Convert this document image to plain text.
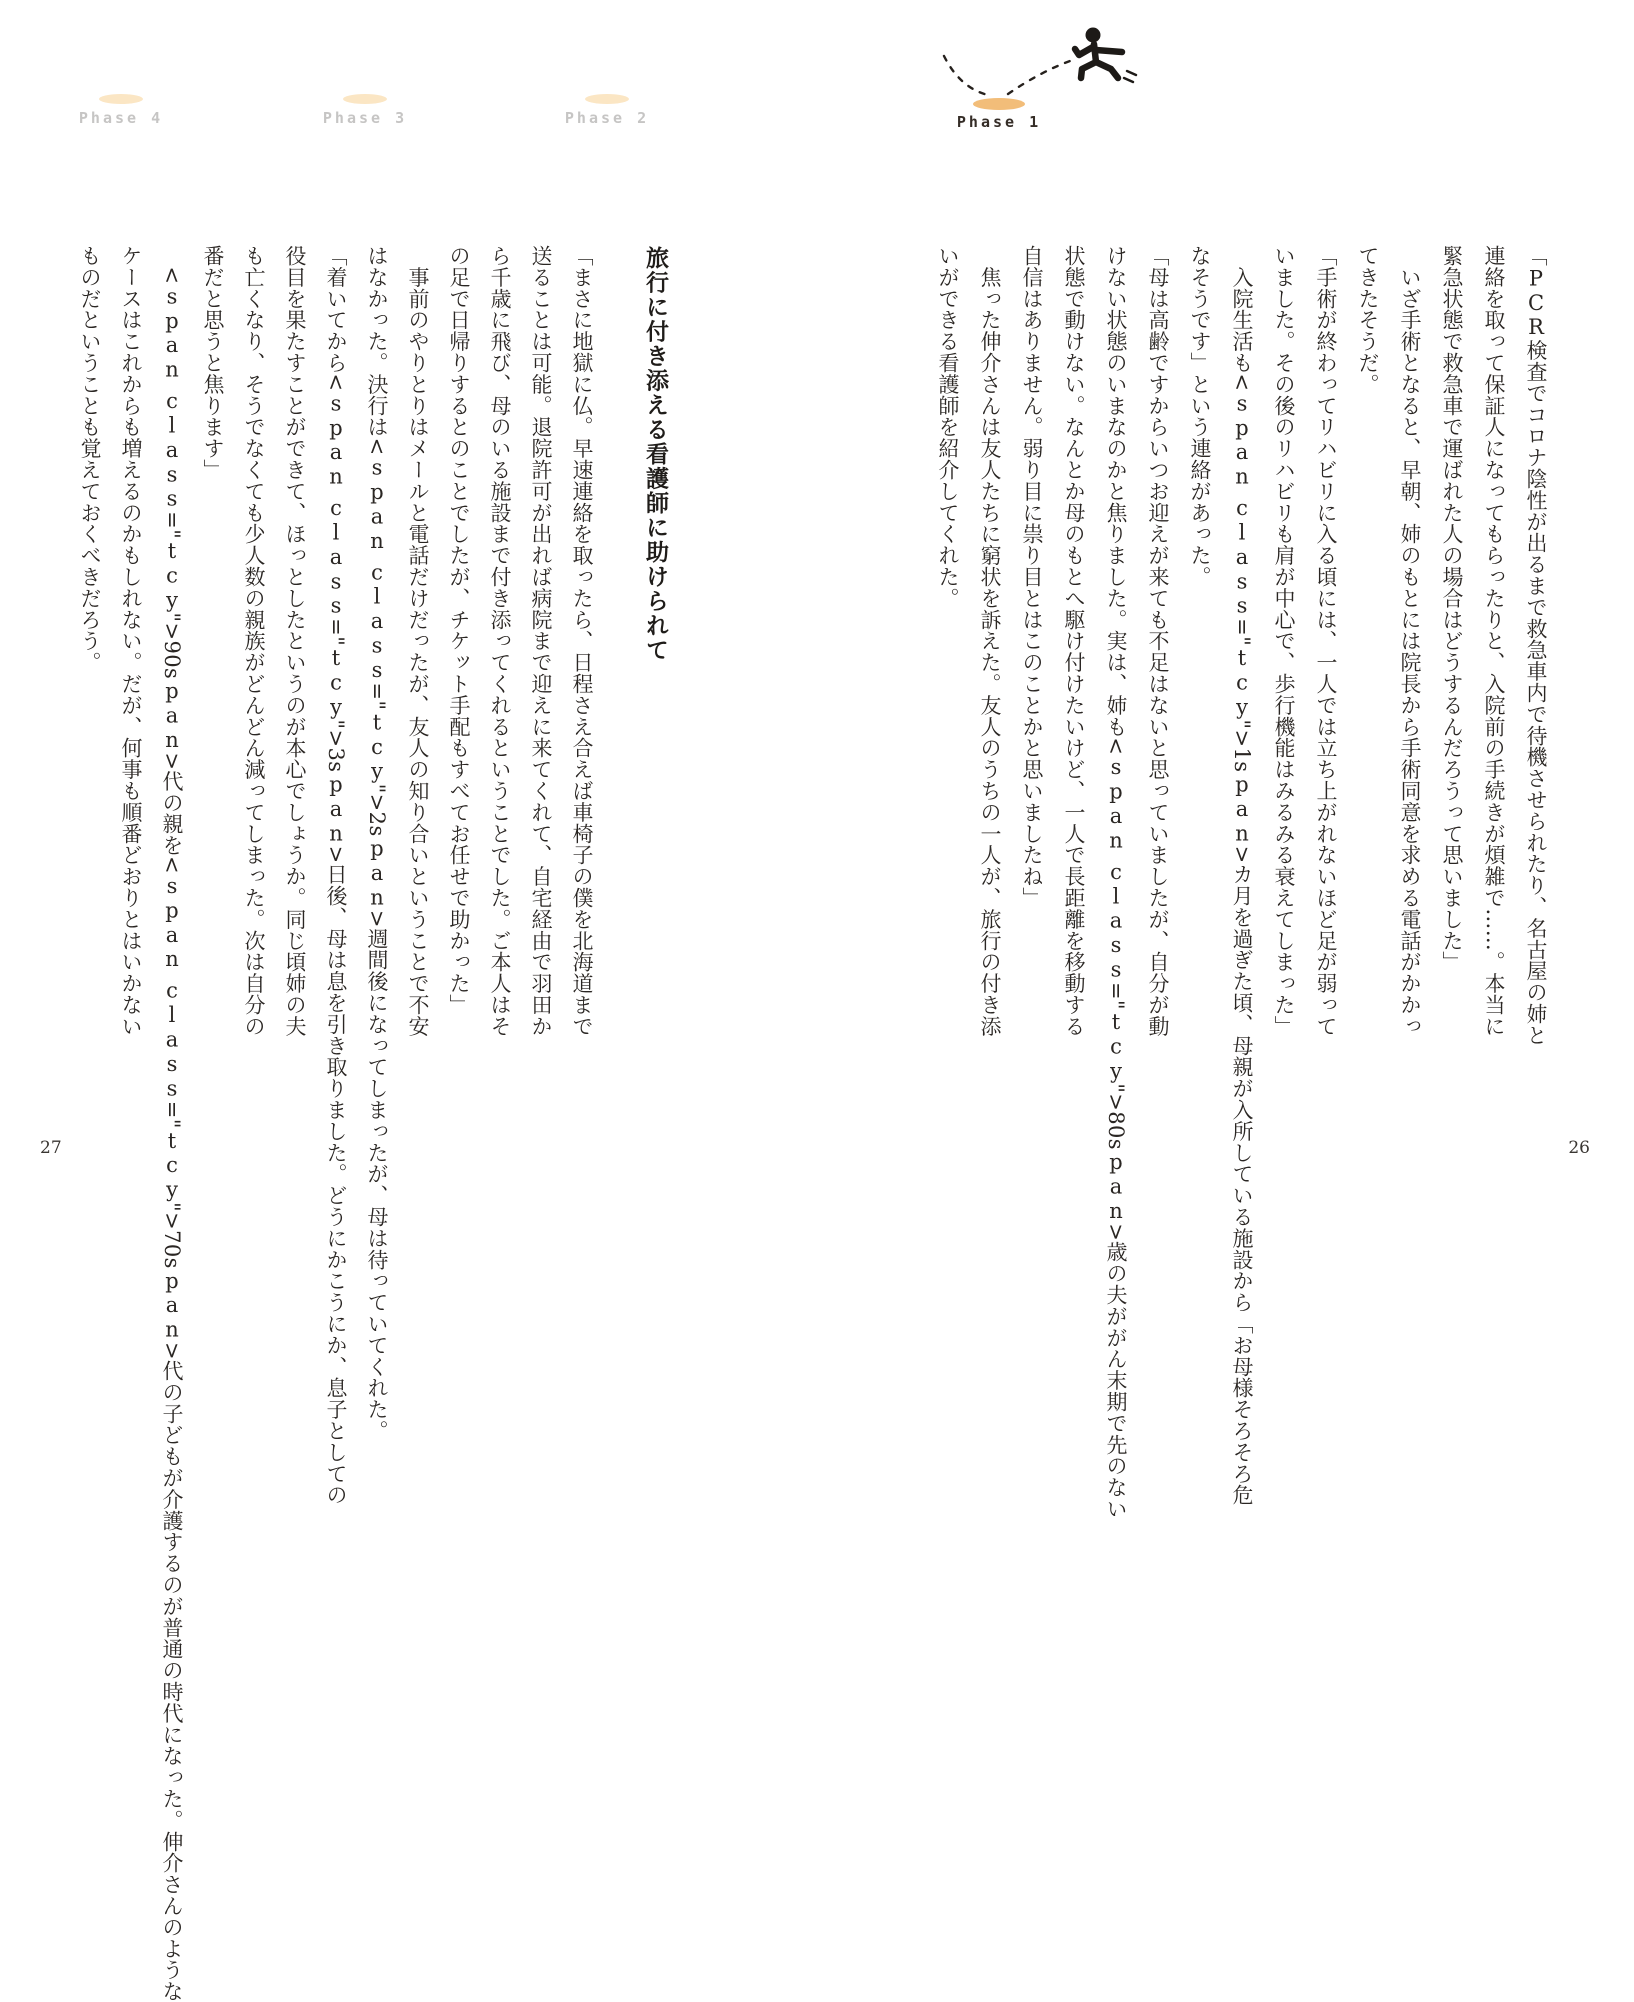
Phase 4	Phase 3	Phase 2	Phase 1

「PCR検査でコロナ陰性が出るまで救急車内で待機させられたり、名古屋の姉と

連絡を取って保証人になってもらったりと、入院前の手続きが煩雑で……。本当に

緊急状態で救急車で運ばれた人の場合はどうするんだろうって思いました」

　いざ手術となると、早朝、姉のもとには院長から手術同意を求める電話がかかっ

てきたそうだ。

「手術が終わってリハビリに入る頃には、一人では立ち上がれないほど足が弱って

いました。その後のリハビリも肩が中心で、歩行機能はみるみる衰えてしまった」

　入院生活も<span class="tcy">1span>カ月を過ぎた頃、母親が入所している施設から「お母様そろそろ危

なそうです」という連絡があった。

「母は高齢ですからいつお迎えが来ても不足はないと思っていましたが、自分が動

けない状態のいまなのかと焦りました。実は、姉も<span class="tcy">80span>歳の夫ががん末期で先のない

状態で動けない。なんとか母のもとへ駆け付けたいけど、一人で長距離を移動する

自信はありません。弱り目に祟り目とはこのことかと思いましたね」

　焦った伸介さんは友人たちに窮状を訴えた。友人のうちの一人が、旅行の付き添

いができる看護師を紹介してくれた。

26
旅行に付き添える看護師に助けられて

「まさに地獄に仏。早速連絡を取ったら、日程さえ合えば車椅子の僕を北海道まで

送ることは可能。退院許可が出れば病院まで迎えに来てくれて、自宅経由で羽田か

ら千歳に飛び、母のいる施設まで付き添ってくれるということでした。ご本人はそ

の足で日帰りするとのことでしたが、チケット手配もすべてお任せで助かった」

　事前のやりとりはメールと電話だけだったが、友人の知り合いということで不安

はなかった。決行は<span class="tcy">2span>週間後になってしまったが、母は待っていてくれた。

「着いてから<span class="tcy">3span>日後、母は息を引き取りました。どうにかこうにか、息子としての

役目を果たすことができて、ほっとしたというのが本心でしょうか。同じ頃姉の夫

も亡くなり、そうでなくても少人数の親族がどんどん減ってしまった。次は自分の

番だと思うと焦ります」

　<span class="tcy">90span>代の親を<span class="tcy">70span>代の子どもが介護するのが普通の時代になった。伸介さんのような

ケースはこれからも増えるのかもしれない。だが、何事も順番どおりとはいかない

ものだということも覚えておくべきだろう。

27
